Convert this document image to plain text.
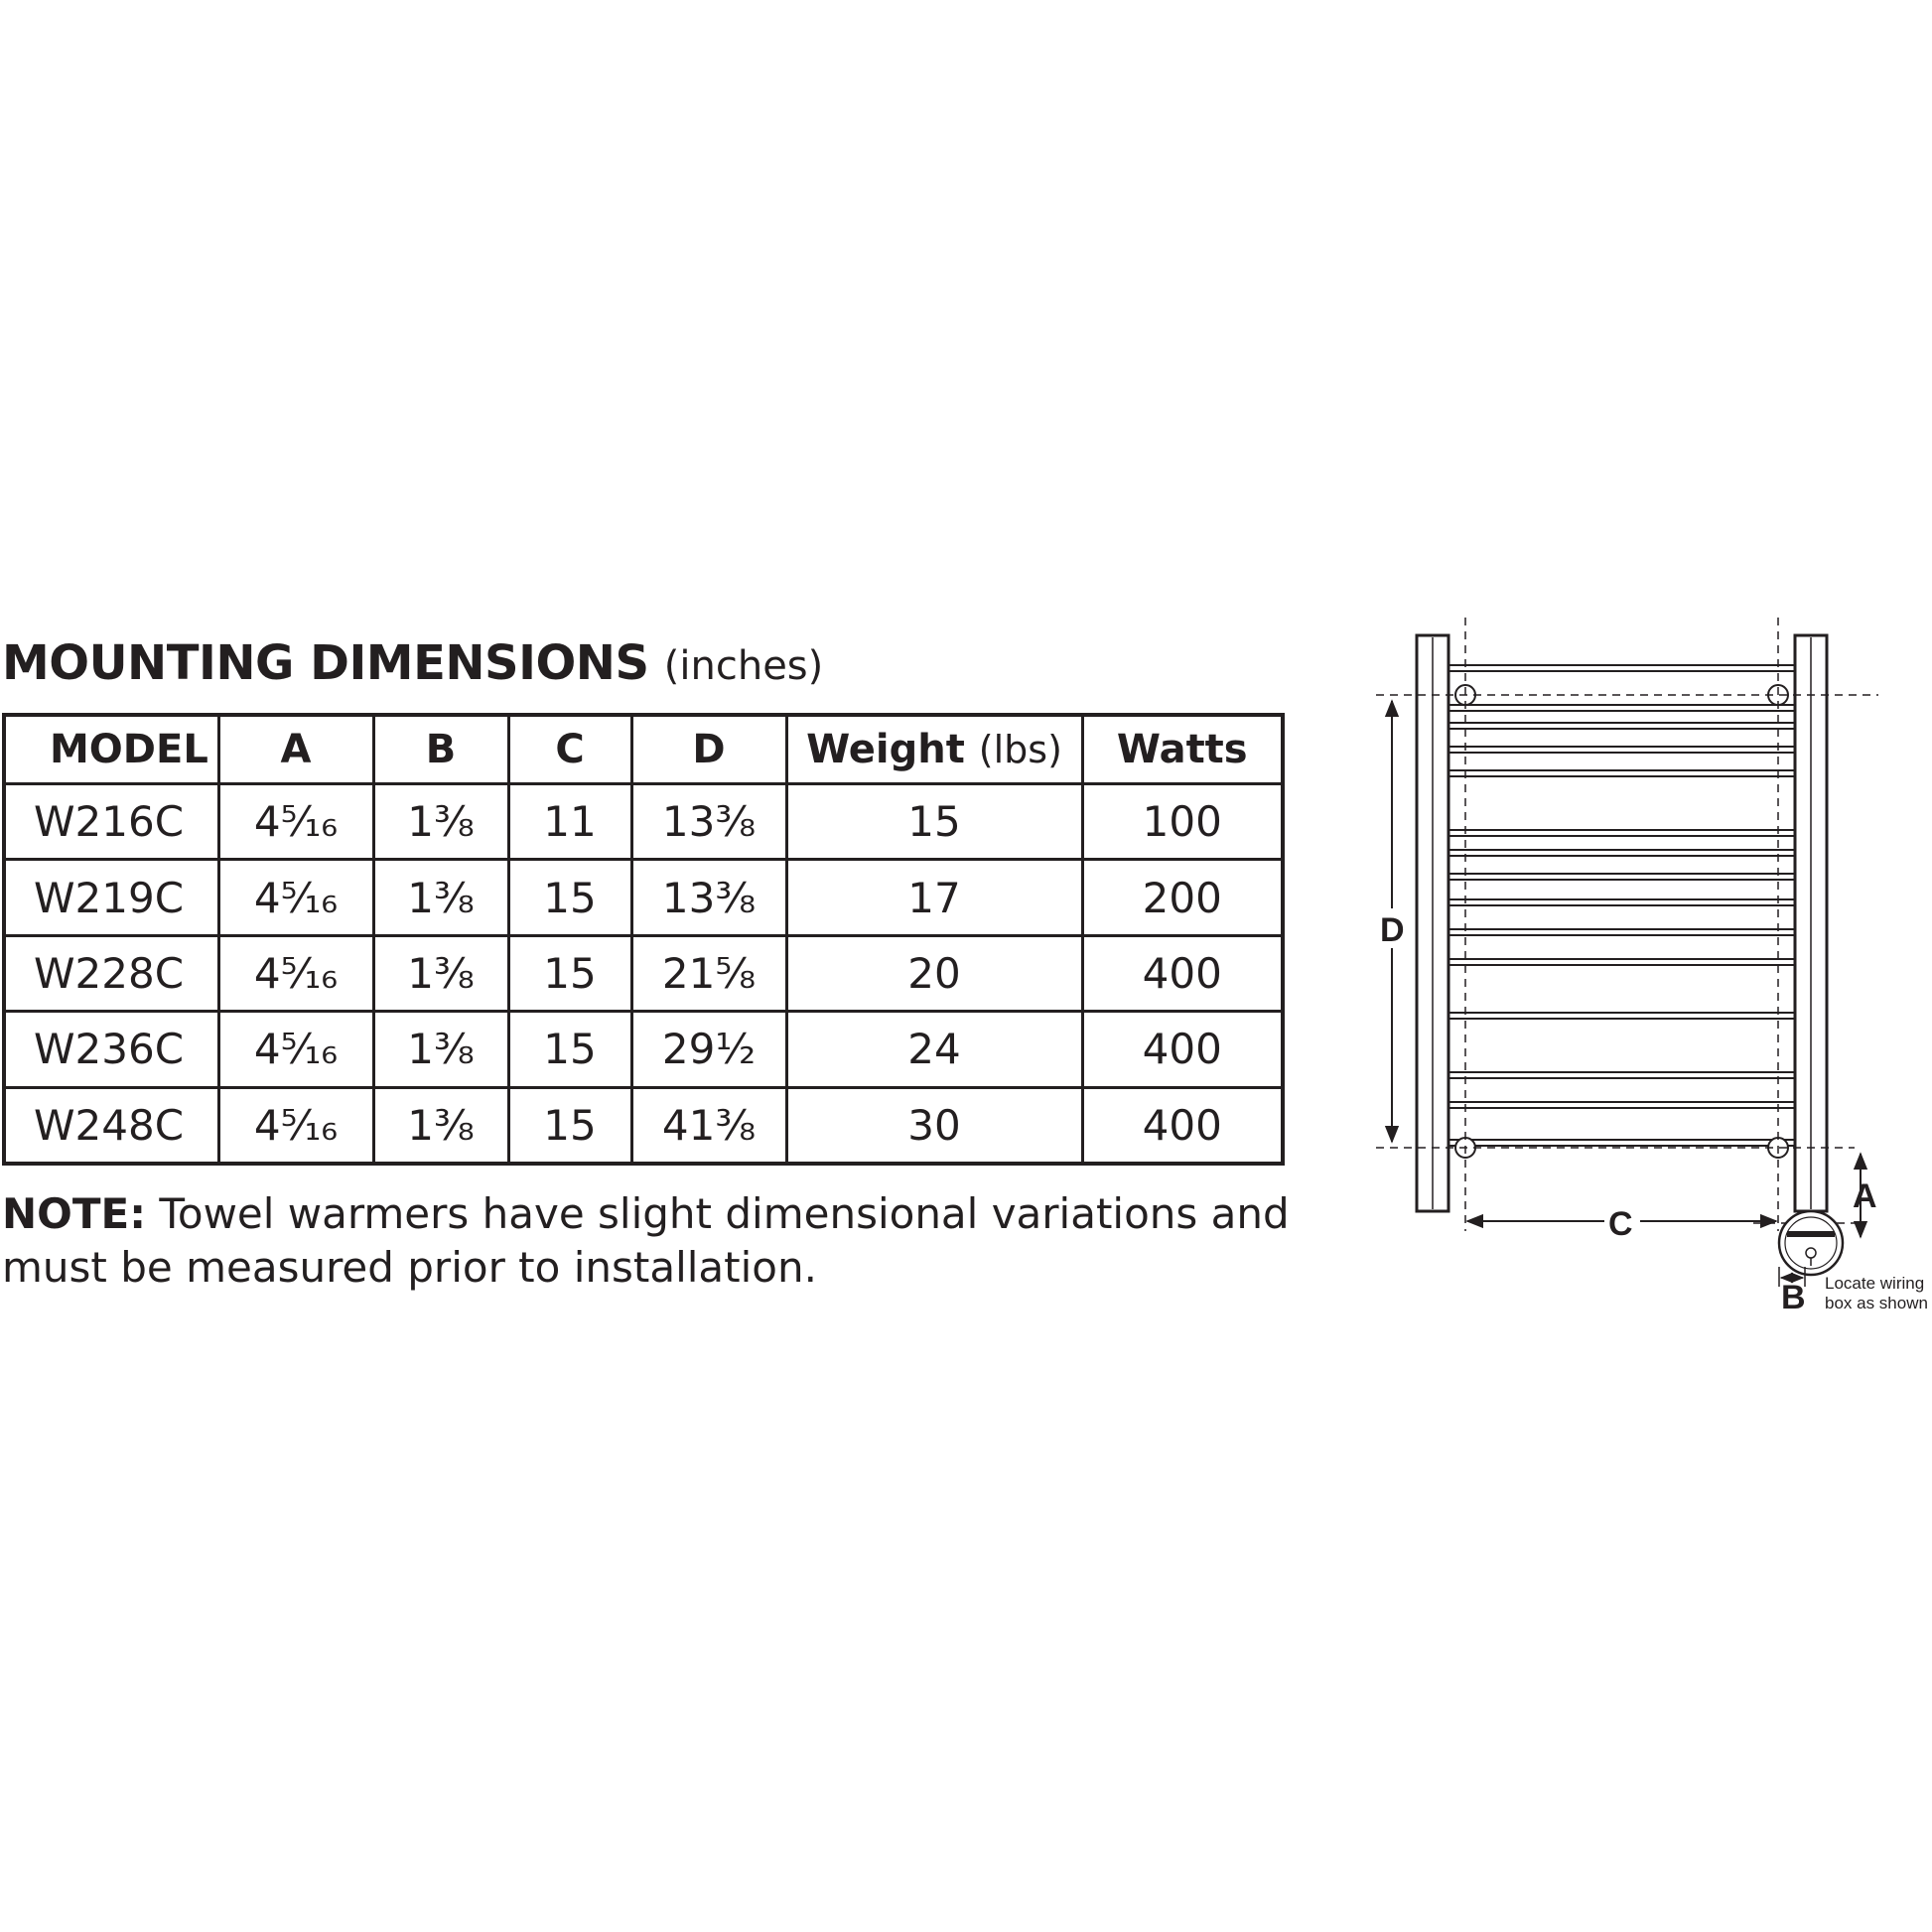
MOUNTING DIMENSIONS (inches)
MODEL	A	B	C	D	Weight (lbs)	Watts
W216C	4⁵⁄₁₆	1³⁄₈	11	13³⁄₈	15	100
W219C	4⁵⁄₁₆	1³⁄₈	15	13³⁄₈	17	200
W228C	4⁵⁄₁₆	1³⁄₈	15	21⁵⁄₈	20	400
W236C	4⁵⁄₁₆	1³⁄₈	15	29¹⁄₂	24	400
W248C	4⁵⁄₁₆	1³⁄₈	15	41³⁄₈	30	400
NOTE: Towel warmers have slight dimensional variations and must be measured prior to installation.
D
C
A
B Locate wiring
box as shown
